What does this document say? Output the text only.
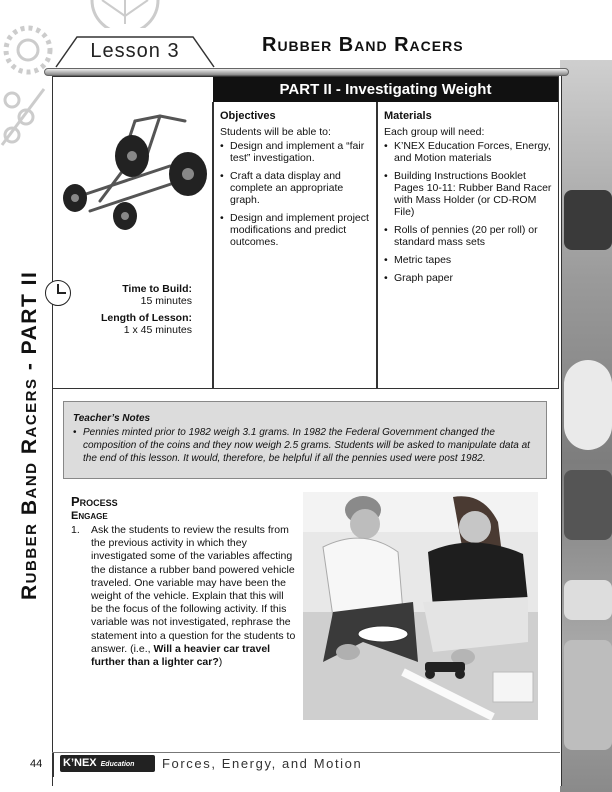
Lesson 3	Rubber Band Racers
PART II - Investigating Weight
Time to Build:
15 minutes
Length of Lesson:
1 x 45 minutes
Objectives

Students will be able to:

• Design and implement a “fair test” investigation.
• Craft a data display and complete an appropriate graph.
• Design and implement project modifications and predict outcomes.
Materials

Each group will need:

• K’NEX Education Forces, Energy, and Motion materials
• Building Instructions Booklet Pages 10-11: Rubber Band Racer with Mass Holder (or CD-ROM File)
• Rolls of pennies (20 per roll) or standard mass sets
• Metric tapes
• Graph paper
Rubber Band Racers - PART II	Teacher’s Notes
• Pennies minted prior to 1982 weigh 3.1 grams. In 1982 the Federal Government changed the composition of the coins and they now weigh 2.5 grams. Students will be asked to manipulate data at the end of this lesson. It would, therefore, be helpful if all the pennies used were post 1982.
Process
Engage
1. Ask the students to review the results from the previous activity in which they investigated some of the variables affecting the distance a rubber band powered vehicle traveled. One variable may have been the weight of the vehicle. Explain that this will be the focus of the following activity. If this variable was not investigated, rephrase the statement into a question for the students to answer. (i.e., Will a heavier car travel further than a lighter car?)
44 K’NEX Education	Forces, Energy, and Motion
